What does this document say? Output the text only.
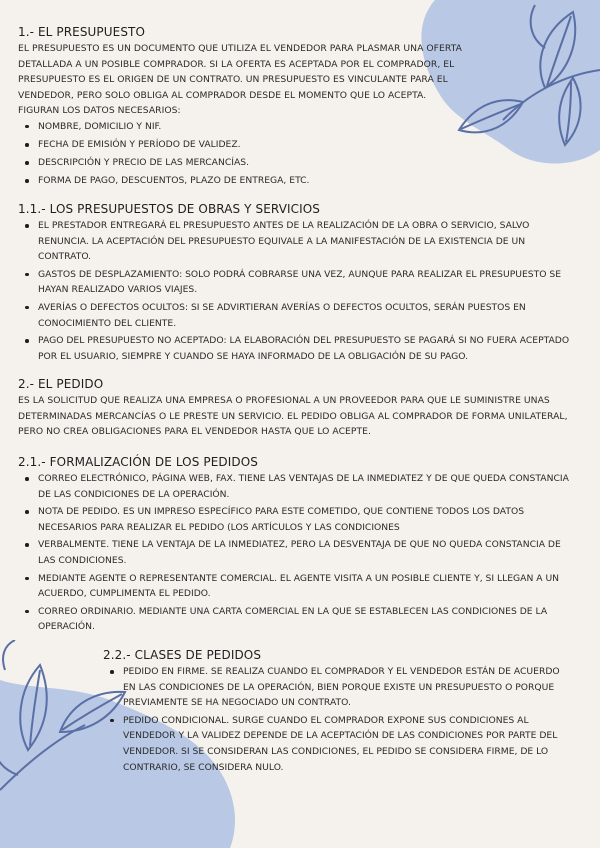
1.- EL PRESUPUESTO

EL PRESUPUESTO ES UN DOCUMENTO QUE UTILIZA EL VENDEDOR PARA PLASMAR UNA OFERTA DETALLADA A UN POSIBLE COMPRADOR. SI LA OFERTA ES ACEPTADA POR EL COMPRADOR, EL PRESUPUESTO ES EL ORIGEN DE UN CONTRATO. UN PRESUPUESTO ES VINCULANTE PARA EL VENDEDOR, PERO SOLO OBLIGA AL COMPRADOR DESDE EL MOMENTO QUE LO ACEPTA.

FIGURAN LOS DATOS NECESARIOS:

NOMBRE, DOMICILIO Y NIF.
FECHA DE EMISIÓN Y PERÍODO DE VALIDEZ.
DESCRIPCIÓN Y PRECIO DE LAS MERCANCÍAS.
FORMA DE PAGO, DESCUENTOS, PLAZO DE ENTREGA, ETC.
1.1.- LOS PRESUPUESTOS DE OBRAS Y SERVICIOS
EL PRESTADOR ENTREGARÁ EL PRESUPUESTO ANTES DE LA REALIZACIÓN DE LA OBRA O SERVICIO, SALVO RENUNCIA. LA ACEPTACIÓN DEL PRESUPUESTO EQUIVALE A LA MANIFESTACIÓN DE LA EXISTENCIA DE UN CONTRATO.
GASTOS DE DESPLAZAMIENTO: SOLO PODRÁ COBRARSE UNA VEZ, AUNQUE PARA REALIZAR EL PRESUPUESTO SE HAYAN REALIZADO VARIOS VIAJES.
AVERÍAS O DEFECTOS OCULTOS: SI SE ADVIRTIERAN AVERÍAS O DEFECTOS OCULTOS, SERÁN PUESTOS EN CONOCIMIENTO DEL CLIENTE.
PAGO DEL PRESUPUESTO NO ACEPTADO: LA ELABORACIÓN DEL PRESUPUESTO SE PAGARÁ SI NO FUERA ACEPTADO POR EL USUARIO, SIEMPRE Y CUANDO SE HAYA INFORMADO DE LA OBLIGACIÓN DE SU PAGO.
2.- EL PEDIDO

ES LA SOLICITUD QUE REALIZA UNA EMPRESA O PROFESIONAL A UN PROVEEDOR PARA QUE LE SUMINISTRE UNAS DETERMINADAS MERCANCÍAS O LE PRESTE UN SERVICIO. EL PEDIDO OBLIGA AL COMPRADOR DE FORMA UNILATERAL, PERO NO CREA OBLIGACIONES PARA EL VENDEDOR HASTA QUE LO ACEPTE.

2.1.- FORMALIZACIÓN DE LOS PEDIDOS
CORREO ELECTRÓNICO, PÁGINA WEB, FAX. TIENE LAS VENTAJAS DE LA INMEDIATEZ Y DE QUE QUEDA CONSTANCIA DE LAS CONDICIONES DE LA OPERACIÓN.
NOTA DE PEDIDO. ES UN IMPRESO ESPECÍFICO PARA ESTE COMETIDO, QUE CONTIENE TODOS LOS DATOS NECESARIOS PARA REALIZAR EL PEDIDO (LOS ARTÍCULOS Y LAS CONDICIONES
VERBALMENTE. TIENE LA VENTAJA DE LA INMEDIATEZ, PERO LA DESVENTAJA DE QUE NO QUEDA CONSTANCIA DE LAS CONDICIONES.
MEDIANTE AGENTE O REPRESENTANTE COMERCIAL. EL AGENTE VISITA A UN POSIBLE CLIENTE Y, SI LLEGAN A UN ACUERDO, CUMPLIMENTA EL PEDIDO.
CORREO ORDINARIO. MEDIANTE UNA CARTA COMERCIAL EN LA QUE SE ESTABLECEN LAS CONDICIONES DE LA OPERACIÓN.
2.2.- CLASES DE PEDIDOS
PEDIDO EN FIRME. SE REALIZA CUANDO EL COMPRADOR Y EL VENDEDOR ESTÁN DE ACUERDO EN LAS CONDICIONES DE LA OPERACIÓN, BIEN PORQUE EXISTE UN PRESUPUESTO O PORQUE PREVIAMENTE SE HA NEGOCIADO UN CONTRATO.
PEDIDO CONDICIONAL. SURGE CUANDO EL COMPRADOR EXPONE SUS CONDICIONES AL VENDEDOR Y LA VALIDEZ DEPENDE DE LA ACEPTACIÓN DE LAS CONDICIONES POR PARTE DEL VENDEDOR. SI SE CONSIDERAN LAS CONDICIONES, EL PEDIDO SE CONSIDERA FIRME, DE LO CONTRARIO, SE CONSIDERA NULO.
